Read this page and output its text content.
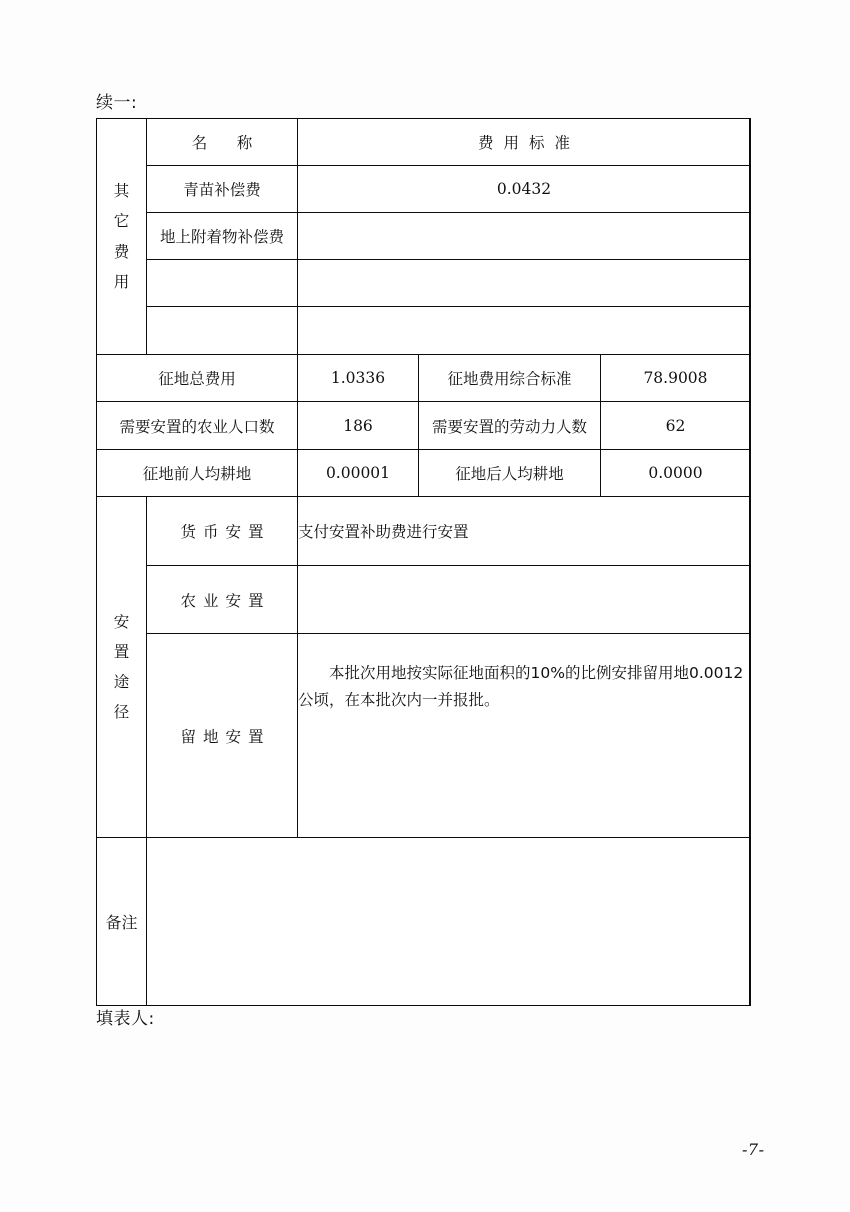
续一:
其
它
费
用	名　称	费用标准		
	青苗补偿费	0.0432		
	地上附着物补偿费			

征地总费用		1.0336	征地费用综合标准	78.9008
需要安置的农业人口数		186	需要安置的劳动力人数	62
征地前人均耕地		0.00001	征地后人均耕地	0.0000

安
置
途
径	货币安置	支付安置补助费进行安置		
	农业安置			
	留地安置	本批次用地按实际征地面积的10%的比例安排留用地0.0012公顷，在本批次内一并报批。		
备注				
填表人:
-7-
